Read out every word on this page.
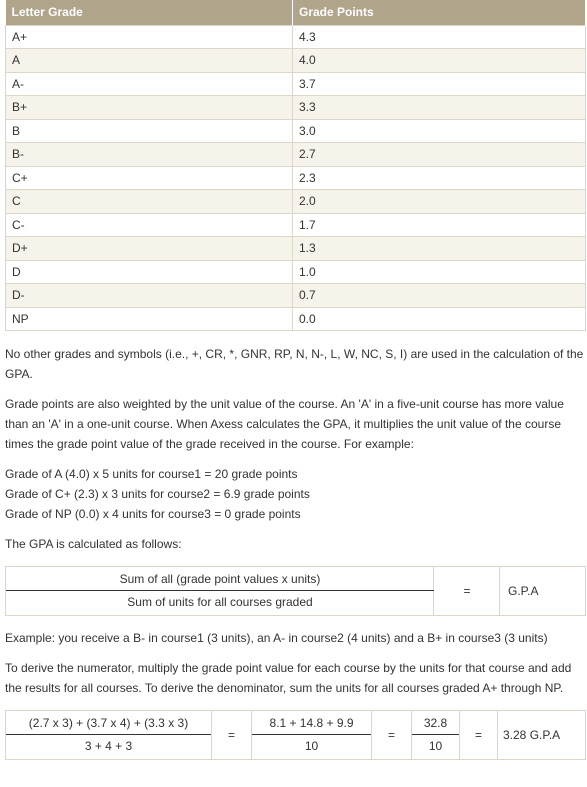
Letter Grade	Grade Points
A+	4.3
A	4.0
A-	3.7
B+	3.3
B	3.0
B-	2.7
C+	2.3
C	2.0
C-	1.7
D+	1.3
D	1.0
D-	0.7
NP	0.0

No other grades and symbols (i.e., +, CR, *, GNR, RP, N, N-, L, W, NC, S, I) are used in the calculation of the GPA.

Grade points are also weighted by the unit value of the course. An 'A' in a five-unit course has more value than an 'A' in a one-unit course. When Axess calculates the GPA, it multiplies the unit value of the course times the grade point value of the grade received in the course. For example:

Grade of A (4.0) x 5 units for course1 = 20 grade points
Grade of C+ (2.3) x 3 units for course2 = 6.9 grade points
Grade of NP (0.0) x 4 units for course3 = 0 grade points

The GPA is calculated as follows:

Sum of all (grade point values x units)
Sum of units for all courses graded
=	G.P.A

Example: you receive a B- in course1 (3 units), an A- in course2 (4 units) and a B+ in course3 (3 units)

To derive the numerator, multiply the grade point value for each course by the units for that course and add the results for all courses. To derive the denominator, sum the units for all courses graded A+ through NP.

(2.7 x 3) + (3.7 x 4) + (3.3 x 3)
3 + 4 + 3
=
8.1 + 14.8 + 9.9
10
=
32.8
10
=	3.28 G.P.A
